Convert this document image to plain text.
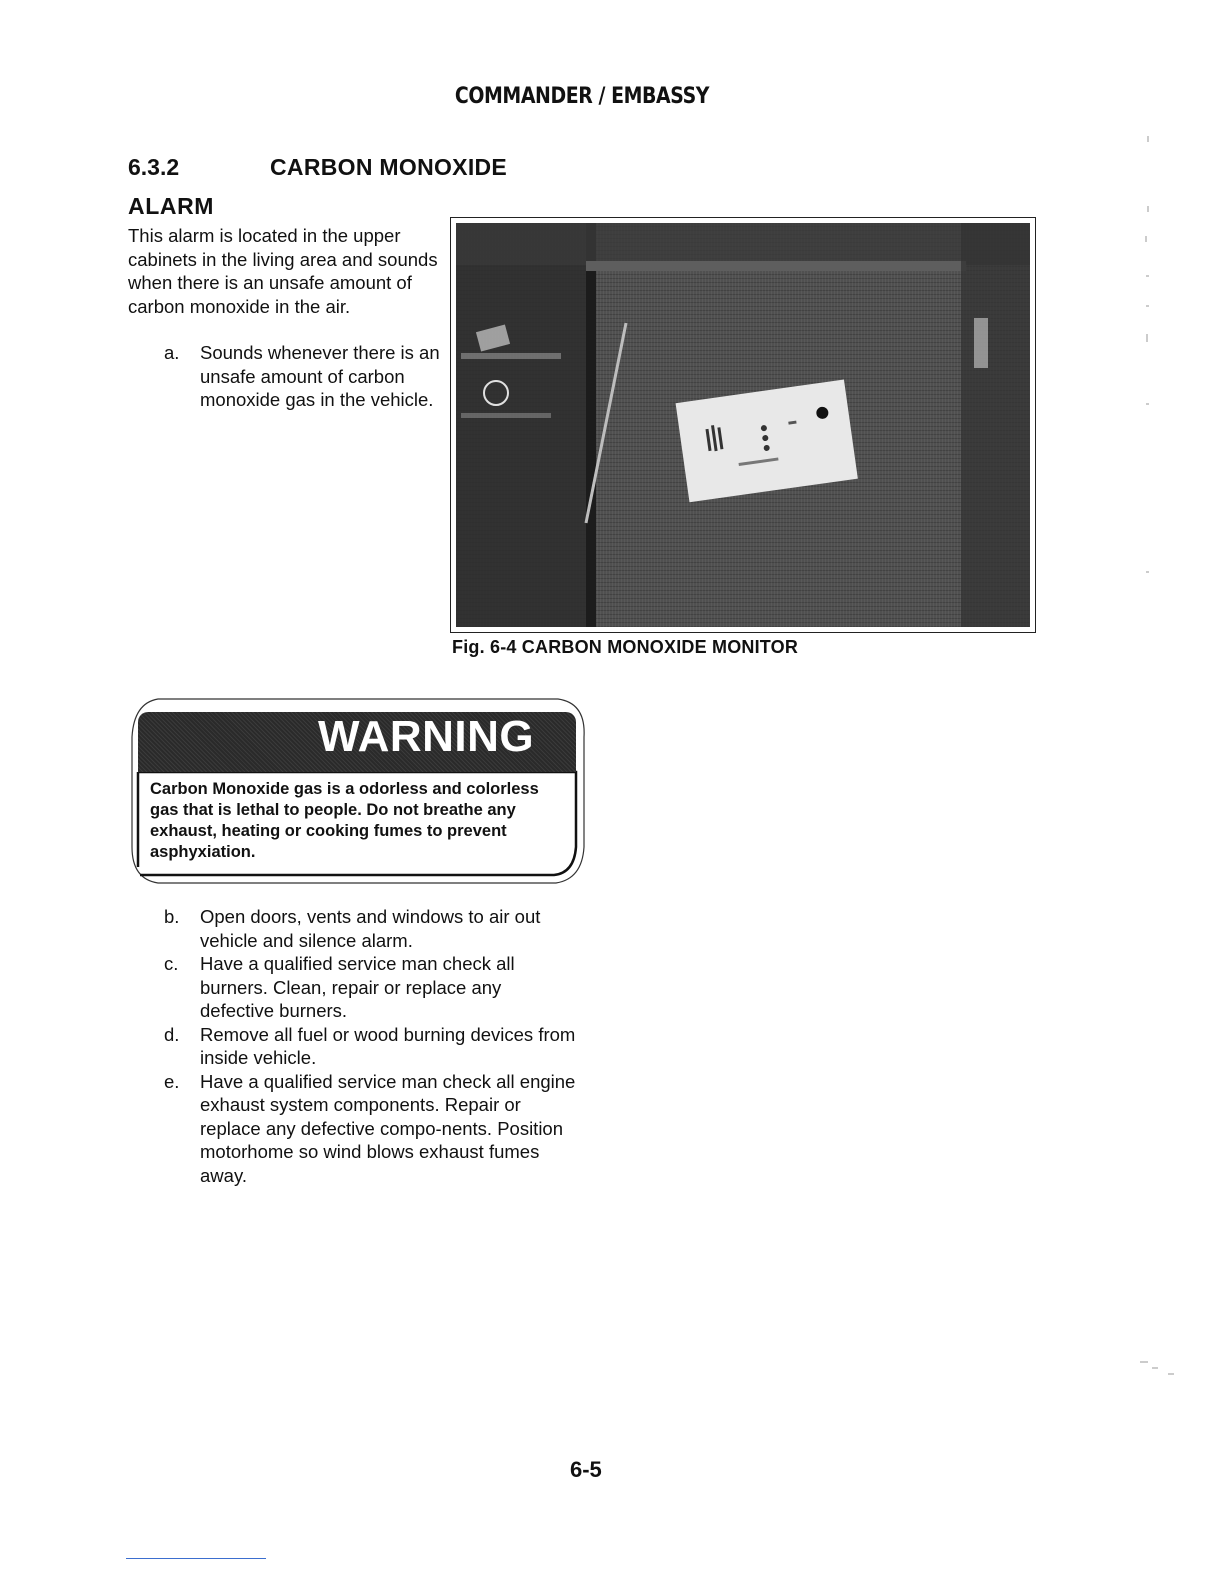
COMMANDER / EMBASSY
6.3.2	CARBON MONOXIDE
ALARM
This alarm is located in the upper cabinets in the living area and sounds when there is an unsafe amount of carbon monoxide in the air.
a. Sounds whenever there is an unsafe amount of carbon monoxide gas in the vehicle.
Fig. 6-4 CARBON MONOXIDE MONITOR
WARNING
Carbon Monoxide gas is a odorless and colorless gas that is lethal to people. Do not breathe any exhaust, heating or cooking fumes to prevent asphyxiation.
b. Open doors, vents and windows to air out vehicle and silence alarm.
c. Have a qualified service man check all burners. Clean, repair or replace any defective burners.
d. Remove all fuel or wood burning devices from inside vehicle.
e. Have a qualified service man check all engine exhaust system components. Repair or replace any defective compo-nents. Position motorhome so wind blows exhaust fumes away.
6-5
